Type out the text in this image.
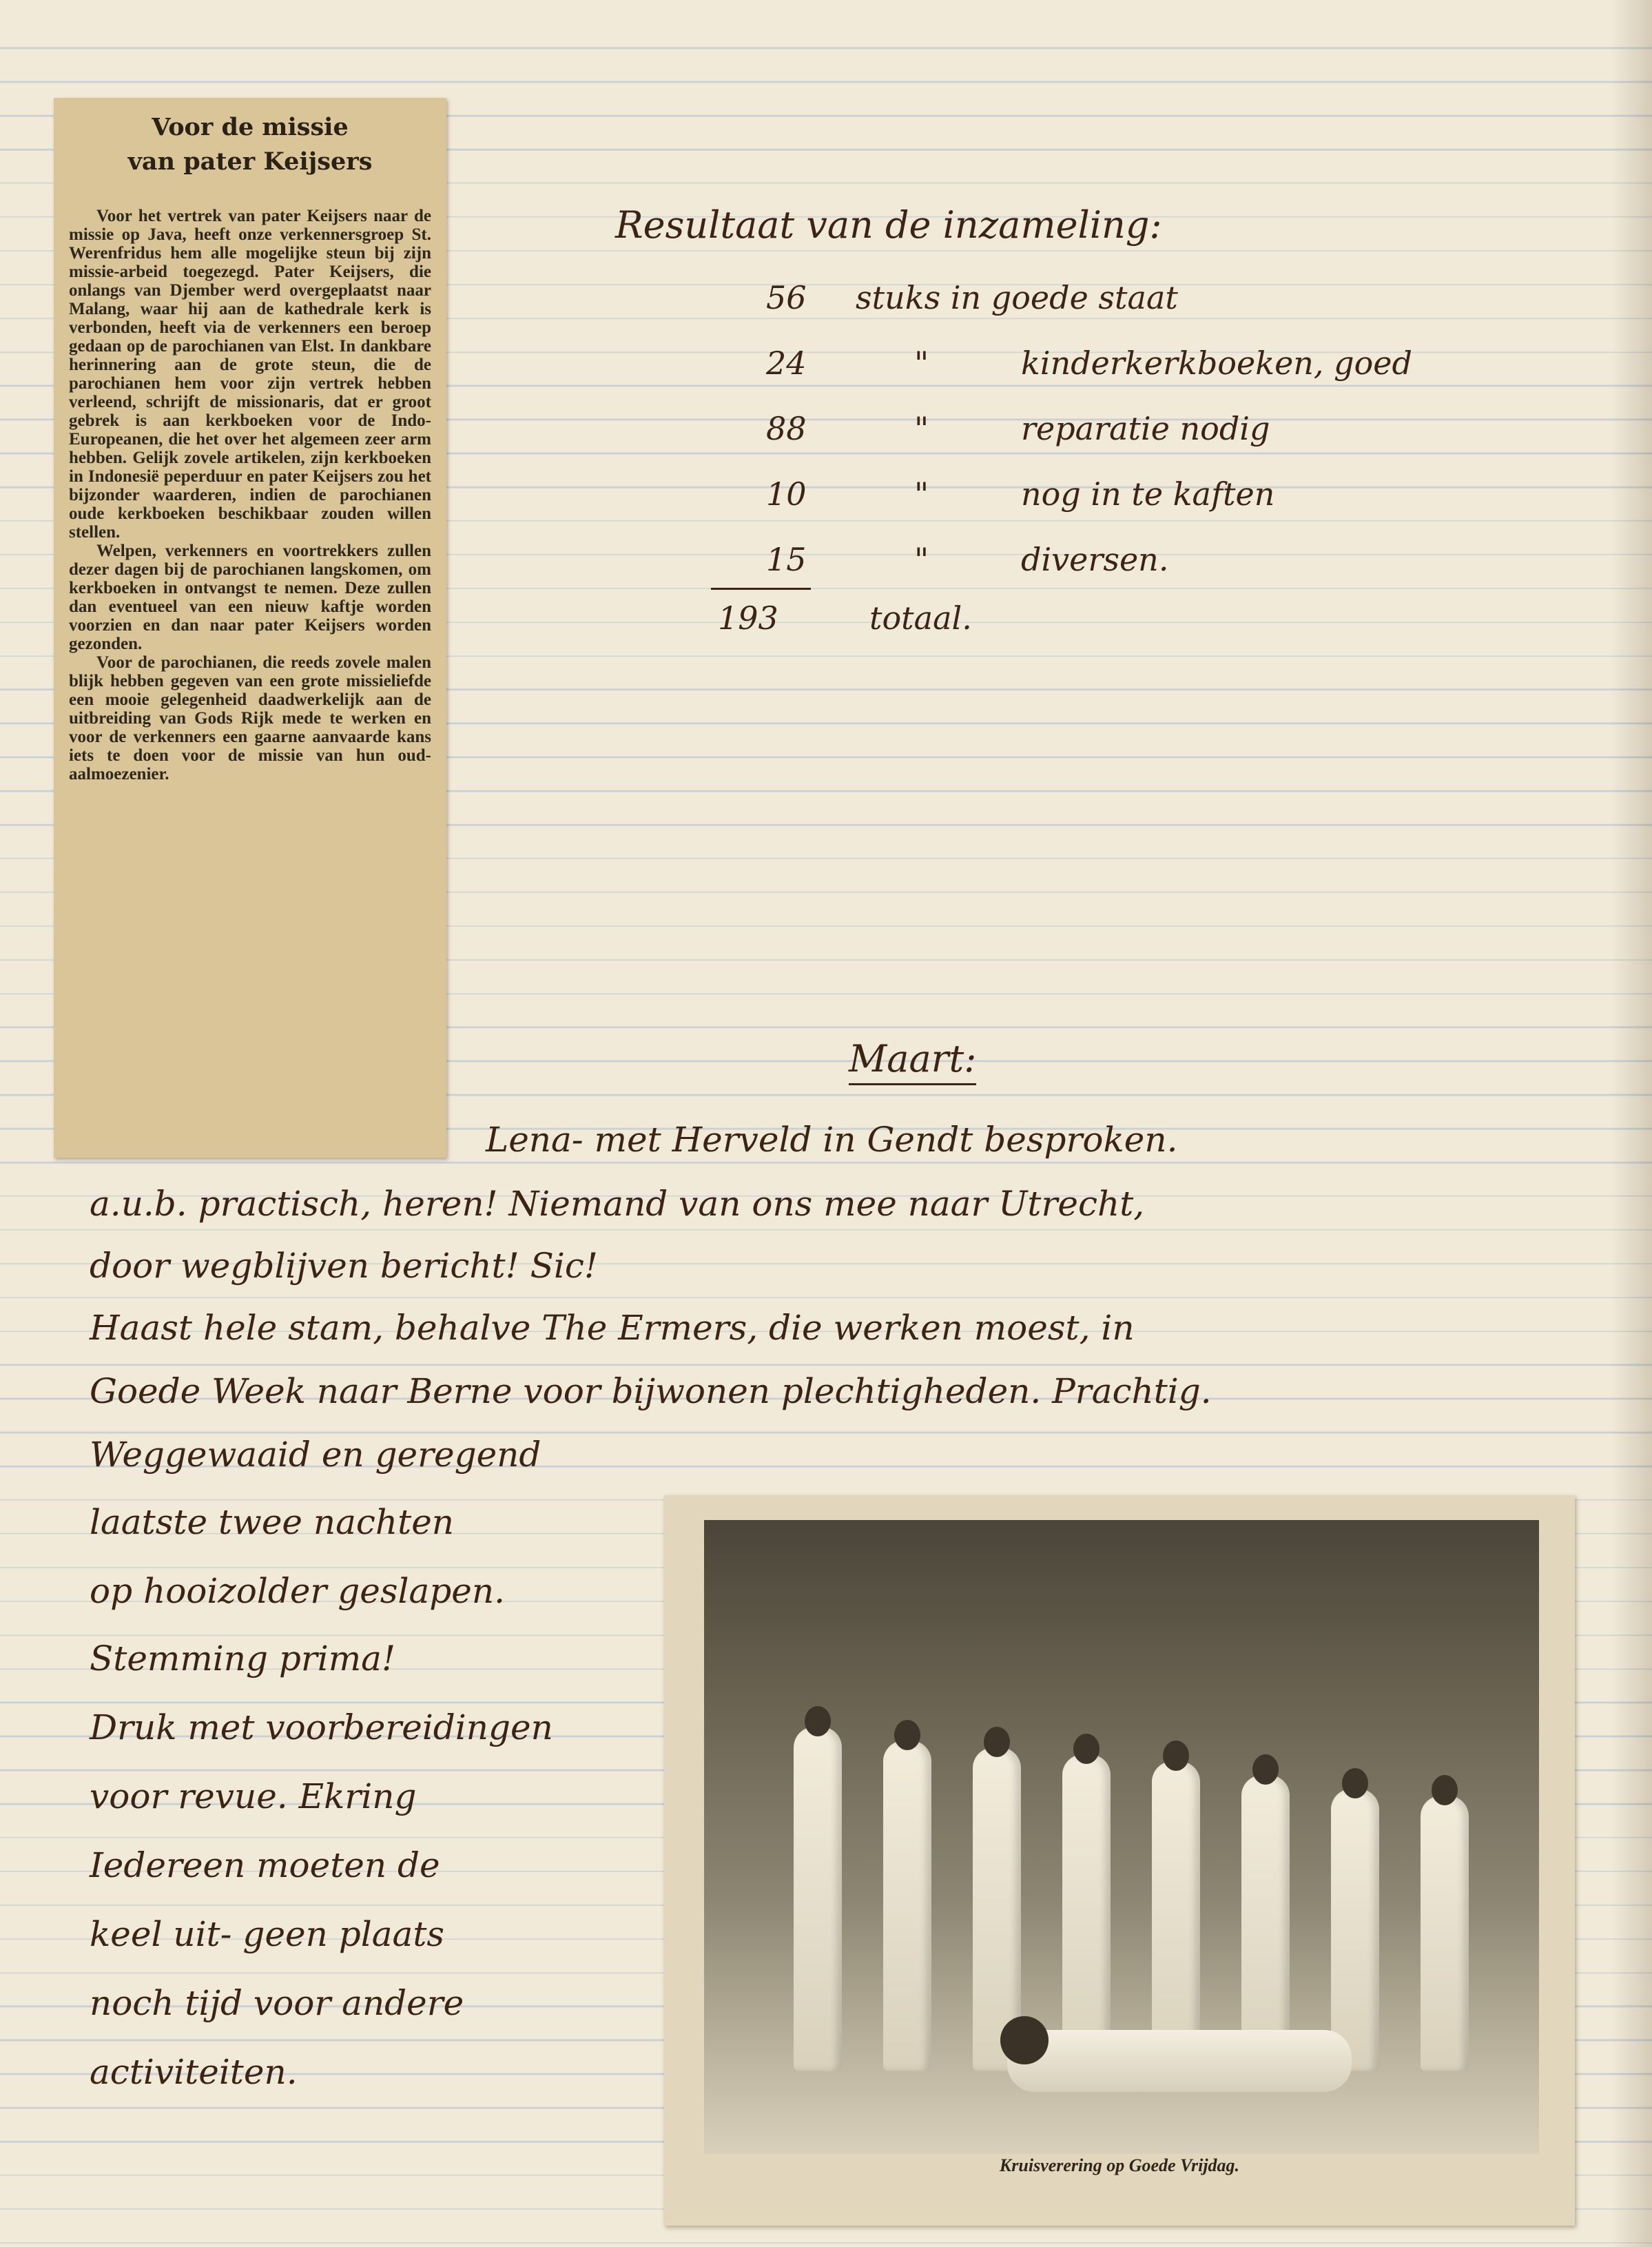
Voor de missie
van pater Keijsers

Voor het vertrek van pater Keijsers naar de missie op Java, heeft onze verkennersgroep St. Werenfridus hem alle mogelijke steun bij zijn missie-arbeid toegezegd. Pater Keijsers, die onlangs van Djember werd overgeplaatst naar Malang, waar hij aan de kathedrale kerk is verbonden, heeft via de verkenners een beroep gedaan op de parochianen van Elst. In dankbare herinnering aan de grote steun, die de parochianen hem voor zijn vertrek hebben verleend, schrijft de missionaris, dat er groot gebrek is aan kerkboeken voor de Indo-Europeanen, die het over het algemeen zeer arm hebben. Gelijk zovele artikelen, zijn kerkboeken in Indonesië peperduur en pater Keijsers zou het bijzonder waarderen, indien de parochianen oude kerkboeken beschikbaar zouden willen stellen.

Welpen, verkenners en voortrekkers zullen dezer dagen bij de parochianen langskomen, om kerkboeken in ontvangst te nemen. Deze zullen dan eventueel van een nieuw kaftje worden voorzien en dan naar pater Keijsers worden gezonden.

Voor de parochianen, die reeds zovele malen blijk hebben gegeven van een grote missieliefde een mooie gelegenheid daadwerkelijk aan de uitbreiding van Gods Rijk mede te werken en voor de verkenners een gaarne aanvaarde kans iets te doen voor de missie van hun oud-aalmoezenier.

Resultaat van de inzameling:
56 stuks in goede staat
24	"	kinderkerkboeken, goed
88	"	reparatie nodig
10	"	nog in te kaften
15	"	diversen.
193	totaal.
Maart:
Lena- met Herveld in Gendt besproken.
a.u.b. practisch, heren! Niemand van ons mee naar Utrecht,
door wegblijven bericht! Sic!
Haast hele stam, behalve The Ermers, die werken moest, in
Goede Week naar Berne voor bijwonen plechtigheden. Prachtig.
Weggewaaid en geregend
laatste twee nachten
op hooizolder geslapen.
Stemming prima!
Druk met voorbereidingen
voor revue. Ekring
Iedereen moeten de
keel uit- geen plaats
noch tijd voor andere
activiteiten.
Kruisverering op Goede Vrijdag.
